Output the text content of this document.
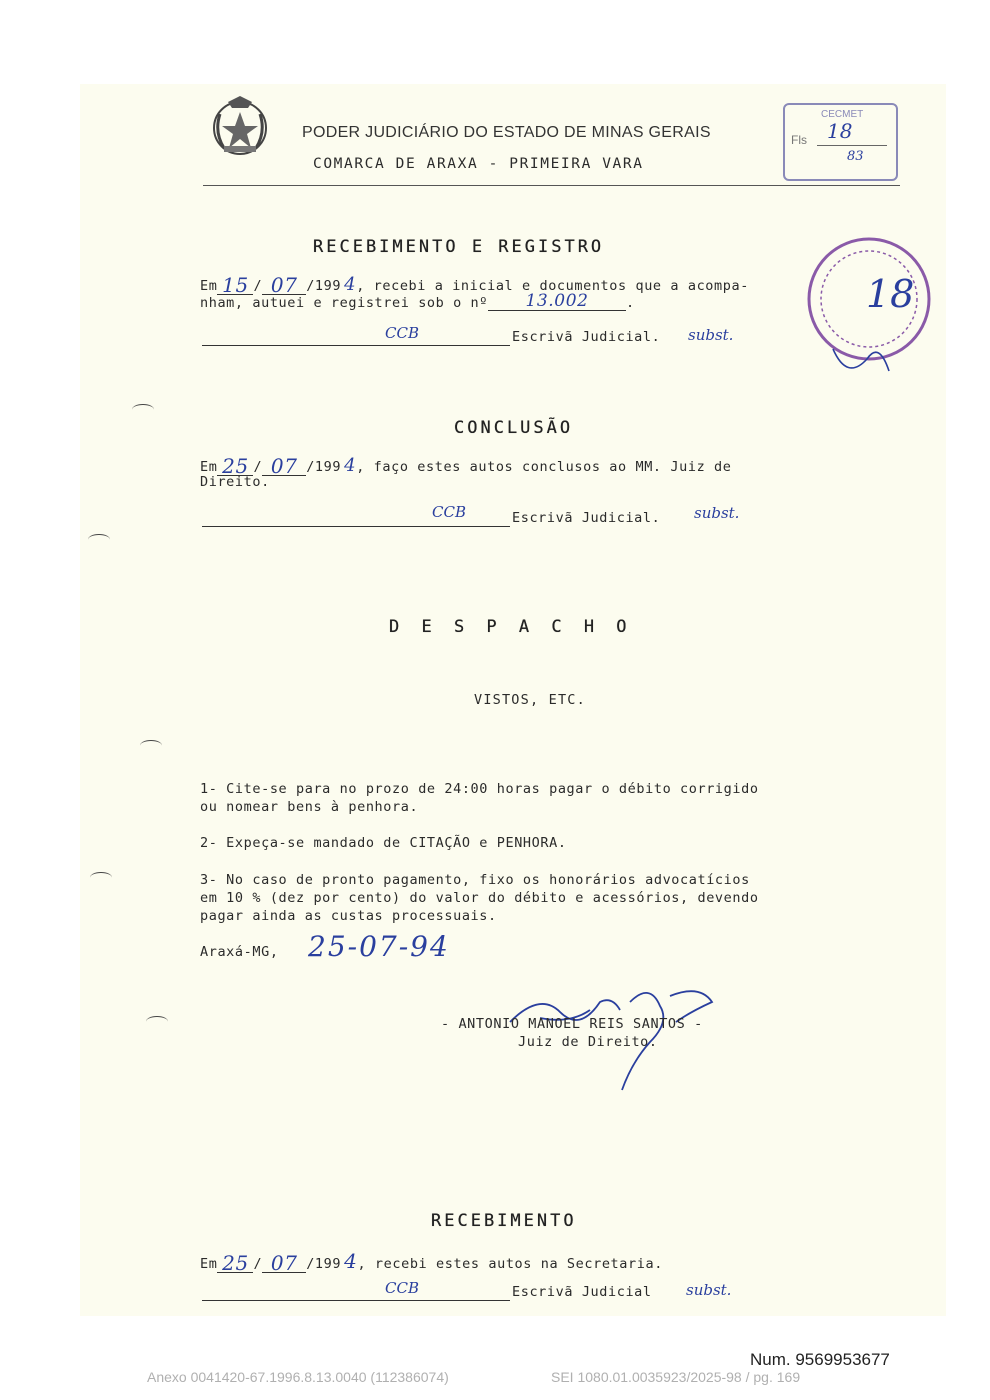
PODER JUDICIÁRIO DO ESTADO DE MINAS GERAIS
COMARCA DE ARAXA - PRIMEIRA VARA
CECMET
Fls 18
83
RECEBIMENTO E REGISTRO
Em 15 / 07 /199 4, recebi a inicial e documentos que a acompa-
nham, autuei e registrei sob o nº 13.002	.
CCB	Escrivã Judicial. subst.
18
CONCLUSÃO
Em 25 / 07 /199 4, faço estes autos conclusos ao MM. Juiz de
Direito.
CCB	Escrivã Judicial. subst.
D E S P A C H O
VISTOS, ETC.
1- Cite-se para no prozo de 24:00 horas pagar o débito corrigido
ou nomear bens à penhora.
2- Expeça-se mandado de CITAÇÃO e PENHORA.
3- No caso de pronto pagamento, fixo os honorários advocatícios
em 10 % (dez por cento) do valor do débito e acessórios, devendo
pagar ainda as custas processuais.
Araxá-MG, 25-07-94
- ANTONIO MANOEL REIS SANTOS -
Juiz de Direito.
RECEBIMENTO
Em 25 / 07 /199 4, recebi estes autos na Secretaria.
CCB	Escrivã Judicial subst.
Num. 9569953677
Anexo 0041420-67.1996.8.13.0040 (112386074)	SEI 1080.01.0035923/2025-98 / pg. 169
